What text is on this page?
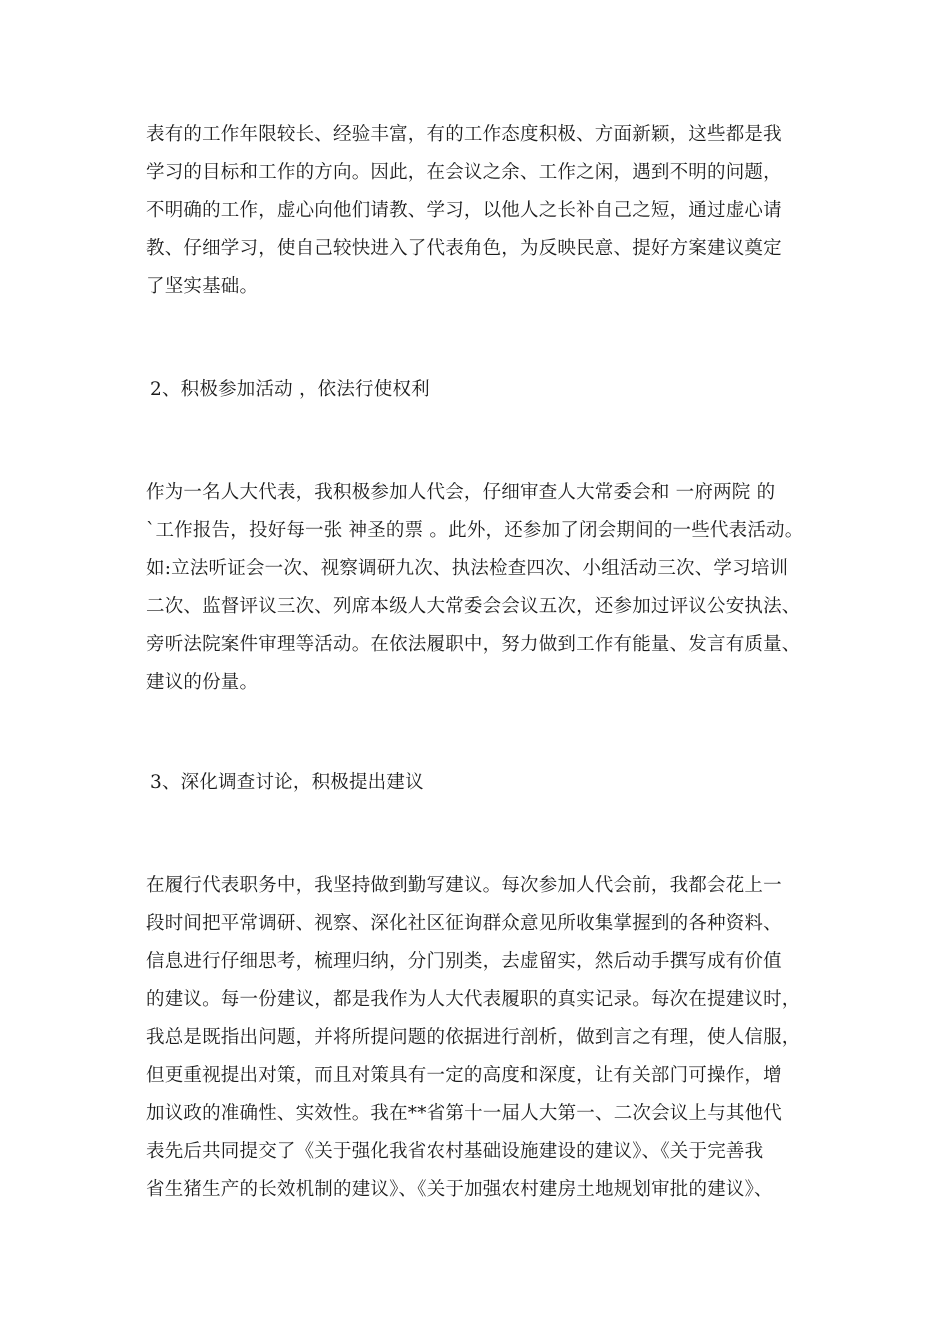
表有的工作年限较长、经验丰富，有的工作态度积极、方面新颖，这些都是我
学习的目标和工作的方向。因此，在会议之余、工作之闲，遇到不明的问题，
不明确的工作，虚心向他们请教、学习，以他人之长补自己之短，通过虚心请
教、仔细学习，使自己较快进入了代表角色，为反映民意、提好方案建议奠定
了坚实基础。
2、积极参加活动 ，依法行使权利
作为一名人大代表，我积极参加人代会，仔细审查人大常委会和 一府两院 的
`工作报告，投好每一张 神圣的票 。此外，还参加了闭会期间的一些代表活动。
如:立法听证会一次、视察调研九次、执法检查四次、小组活动三次、学习培训
二次、监督评议三次、列席本级人大常委会会议五次，还参加过评议公安执法、
旁听法院案件审理等活动。在依法履职中，努力做到工作有能量、发言有质量、
建议的份量。
3、深化调查讨论，积极提出建议
在履行代表职务中，我坚持做到勤写建议。每次参加人代会前，我都会花上一
段时间把平常调研、视察、深化社区征询群众意见所收集掌握到的各种资料、
信息进行仔细思考，梳理归纳，分门别类，去虚留实，然后动手撰写成有价值
的建议。每一份建议，都是我作为人大代表履职的真实记录。每次在提建议时，
我总是既指出问题，并将所提问题的依据进行剖析，做到言之有理，使人信服，
但更重视提出对策，而且对策具有一定的高度和深度，让有关部门可操作，增
加议政的准确性、实效性。我在**省第十一届人大第一、二次会议上与其他代
表先后共同提交了《关于强化我省农村基础设施建设的建议》、《关于完善我
省生猪生产的长效机制的建议》、《关于加强农村建房土地规划审批的建议》、
